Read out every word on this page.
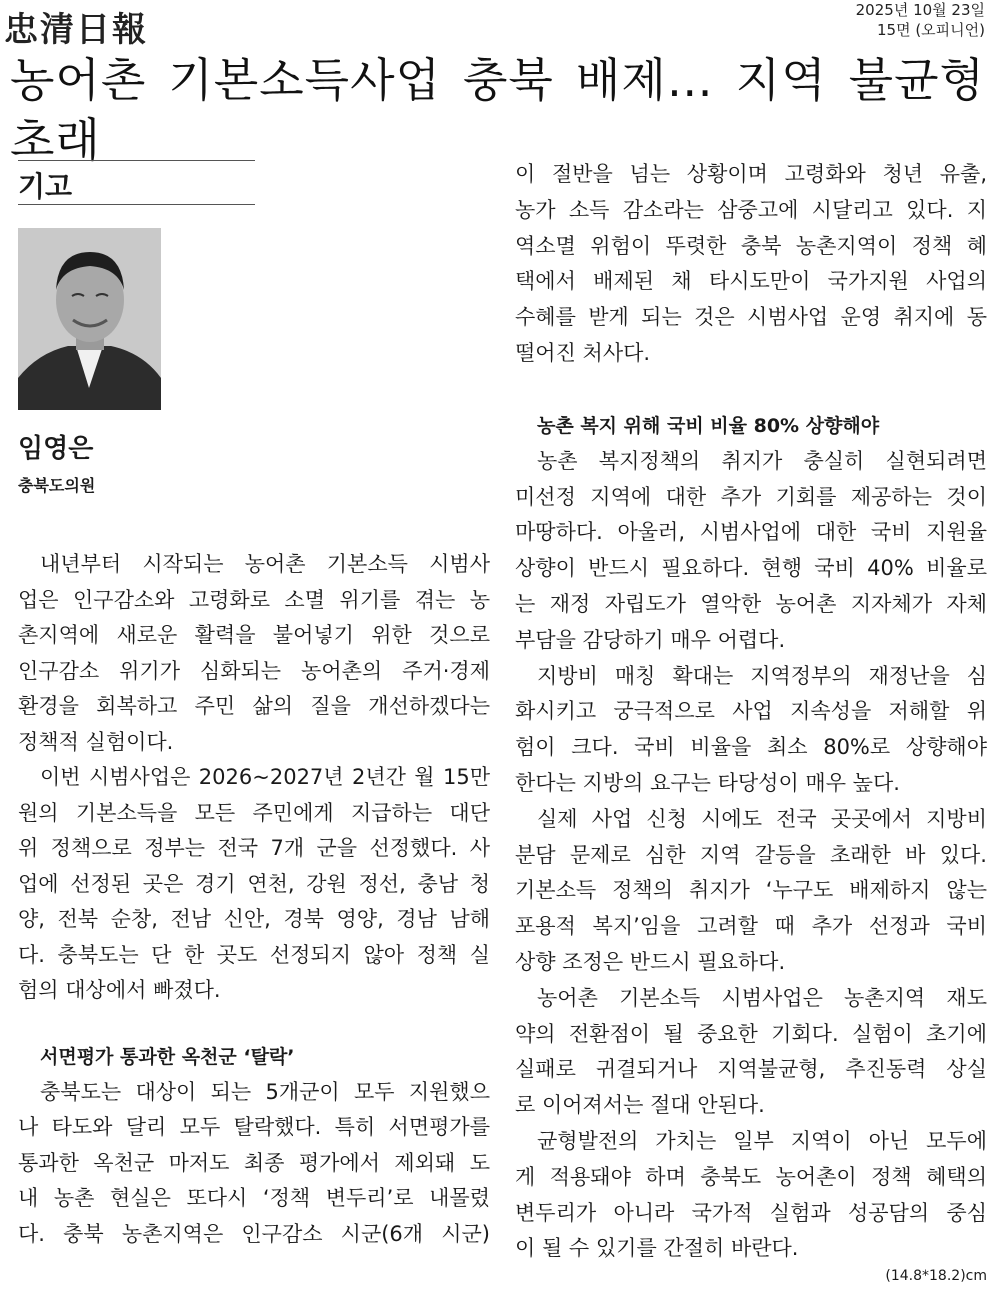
忠清日報	2025년 10월 23일
15면 (오피니언)
농어촌 기본소득사업 충북 배제… 지역 불균형 초래
기고
임영은
충북도의원
내년부터 시작되는 농어촌 기본소득 시범사
업은 인구감소와 고령화로 소멸 위기를 겪는 농
촌지역에 새로운 활력을 불어넣기 위한 것으로
인구감소 위기가 심화되는 농어촌의 주거·경제
환경을 회복하고 주민 삶의 질을 개선하겠다는
정책적 실험이다.
이번 시범사업은 2026~2027년 2년간 월 15만
원의 기본소득을 모든 주민에게 지급하는 대단
위 정책으로 정부는 전국 7개 군을 선정했다. 사
업에 선정된 곳은 경기 연천, 강원 정선, 충남 청
양, 전북 순창, 전남 신안, 경북 영양, 경남 남해
다. 충북도는 단 한 곳도 선정되지 않아 정책 실
험의 대상에서 빠졌다.
서면평가 통과한 옥천군 ‘탈락’
충북도는 대상이 되는 5개군이 모두 지원했으
나 타도와 달리 모두 탈락했다. 특히 서면평가를
통과한 옥천군 마저도 최종 평가에서 제외돼 도
내 농촌 현실은 또다시 ‘정책 변두리’로 내몰렸
다. 충북 농촌지역은 인구감소 시군(6개 시군)
이 절반을 넘는 상황이며 고령화와 청년 유출,
농가 소득 감소라는 삼중고에 시달리고 있다. 지
역소멸 위험이 뚜렷한 충북 농촌지역이 정책 혜
택에서 배제된 채 타시도만이 국가지원 사업의
수혜를 받게 되는 것은 시범사업 운영 취지에 동
떨어진 처사다.
농촌 복지 위해 국비 비율 80% 상향해야
농촌 복지정책의 취지가 충실히 실현되려면
미선정 지역에 대한 추가 기회를 제공하는 것이
마땅하다. 아울러, 시범사업에 대한 국비 지원율
상향이 반드시 필요하다. 현행 국비 40% 비율로
는 재정 자립도가 열악한 농어촌 지자체가 자체
부담을 감당하기 매우 어렵다.
지방비 매칭 확대는 지역정부의 재정난을 심
화시키고 궁극적으로 사업 지속성을 저해할 위
험이 크다. 국비 비율을 최소 80%로 상향해야
한다는 지방의 요구는 타당성이 매우 높다.
실제 사업 신청 시에도 전국 곳곳에서 지방비
분담 문제로 심한 지역 갈등을 초래한 바 있다.
기본소득 정책의 취지가 ‘누구도 배제하지 않는
포용적 복지’임을 고려할 때 추가 선정과 국비
상향 조정은 반드시 필요하다.
농어촌 기본소득 시범사업은 농촌지역 재도
약의 전환점이 될 중요한 기회다. 실험이 초기에
실패로 귀결되거나 지역불균형, 추진동력 상실
로 이어져서는 절대 안된다.
균형발전의 가치는 일부 지역이 아닌 모두에
게 적용돼야 하며 충북도 농어촌이 정책 혜택의
변두리가 아니라 국가적 실험과 성공담의 중심
이 될 수 있기를 간절히 바란다.
(14.8*18.2)cm
